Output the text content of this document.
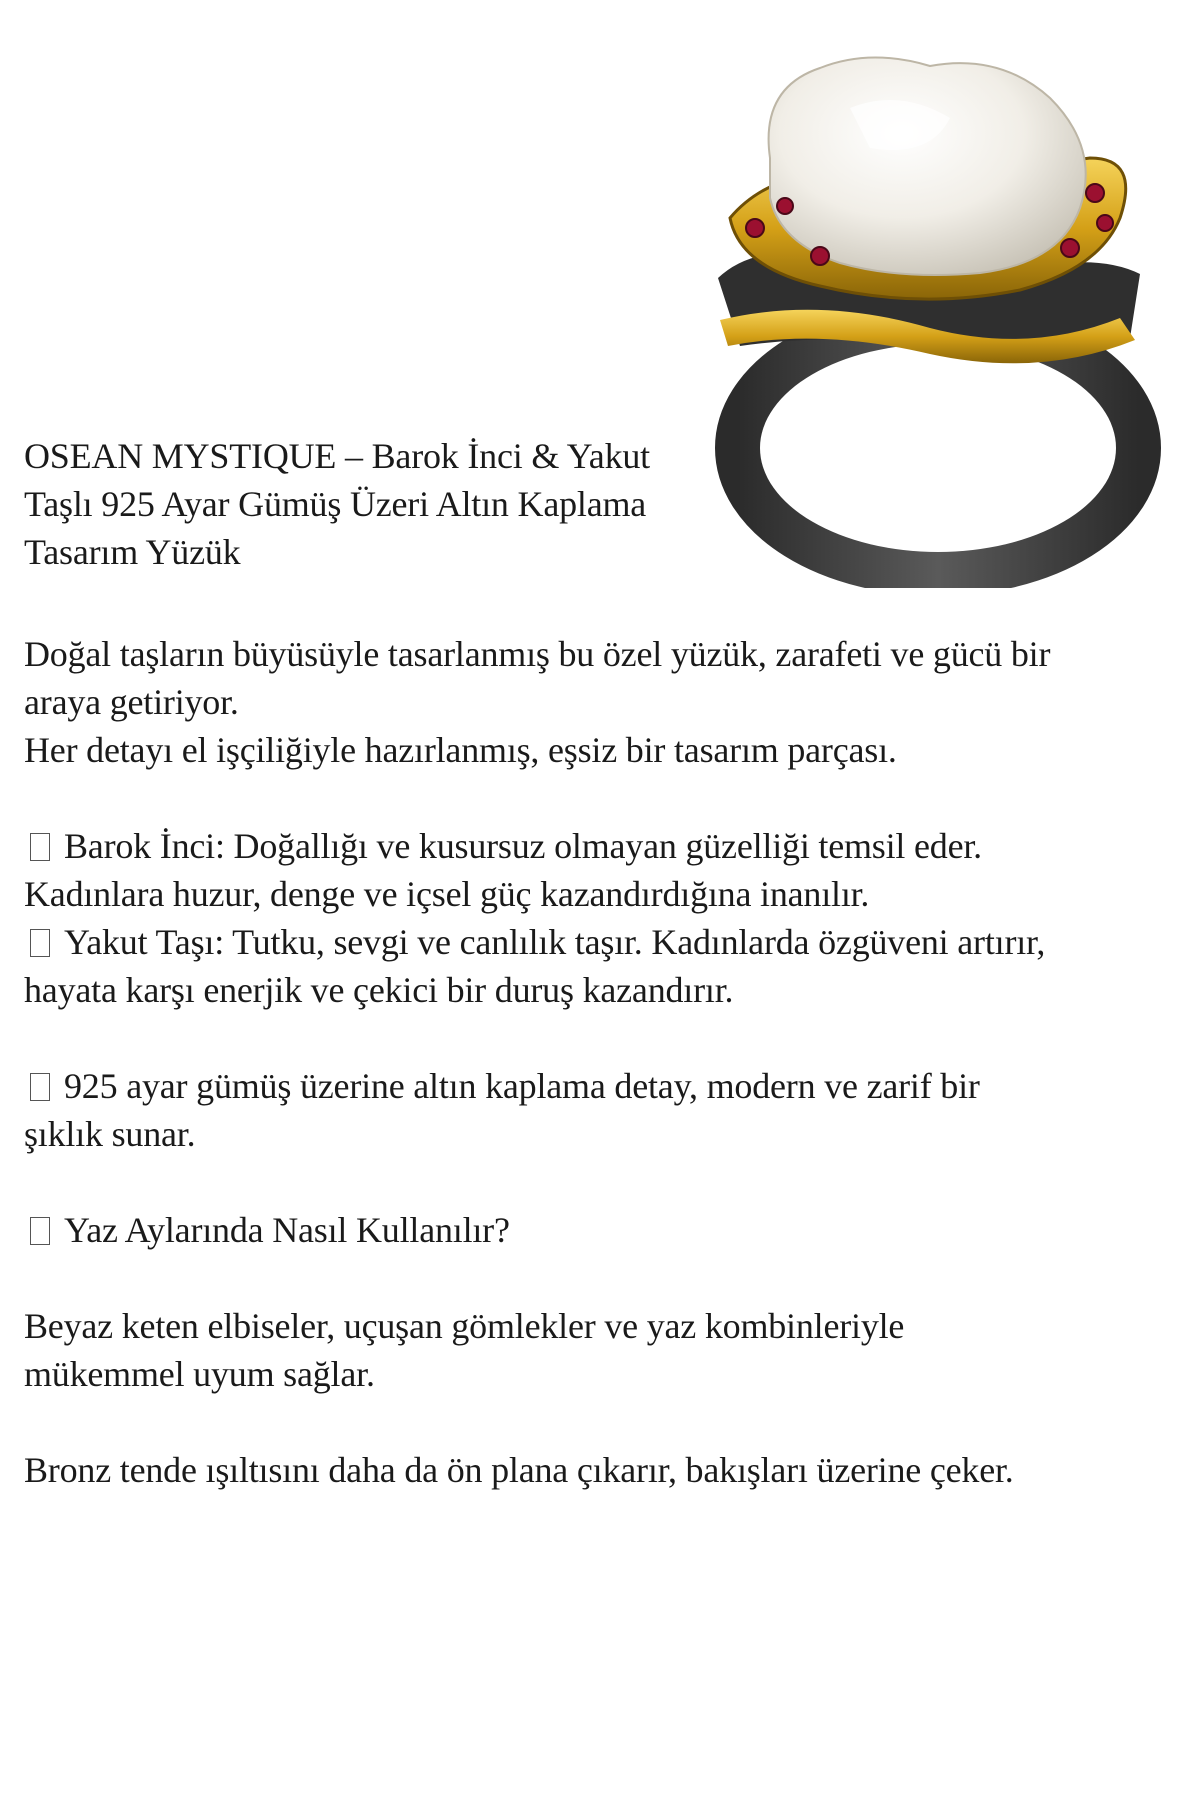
OSEAN MYSTIQUE – Barok İnci & Yakut
Taşlı 925 Ayar Gümüş Üzeri Altın Kaplama
Tasarım Yüzük

Doğal taşların büyüsüyle tasarlanmış bu özel yüzük, zarafeti ve gücü bir
araya getiriyor.
Her detayı el işçiliğiyle hazırlanmış, eşsiz bir tasarım parçası.

Barok İnci: Doğallığı ve kusursuz olmayan güzelliği temsil eder.
Kadınlara huzur, denge ve içsel güç kazandırdığına inanılır.
Yakut Taşı: Tutku, sevgi ve canlılık taşır. Kadınlarda özgüveni artırır,
hayata karşı enerjik ve çekici bir duruş kazandırır.

925 ayar gümüş üzerine altın kaplama detay, modern ve zarif bir
şıklık sunar.

Yaz Aylarında Nasıl Kullanılır?

Beyaz keten elbiseler, uçuşan gömlekler ve yaz kombinleriyle
mükemmel uyum sağlar.

Bronz tende ışıltısını daha da ön plana çıkarır, bakışları üzerine çeker.
